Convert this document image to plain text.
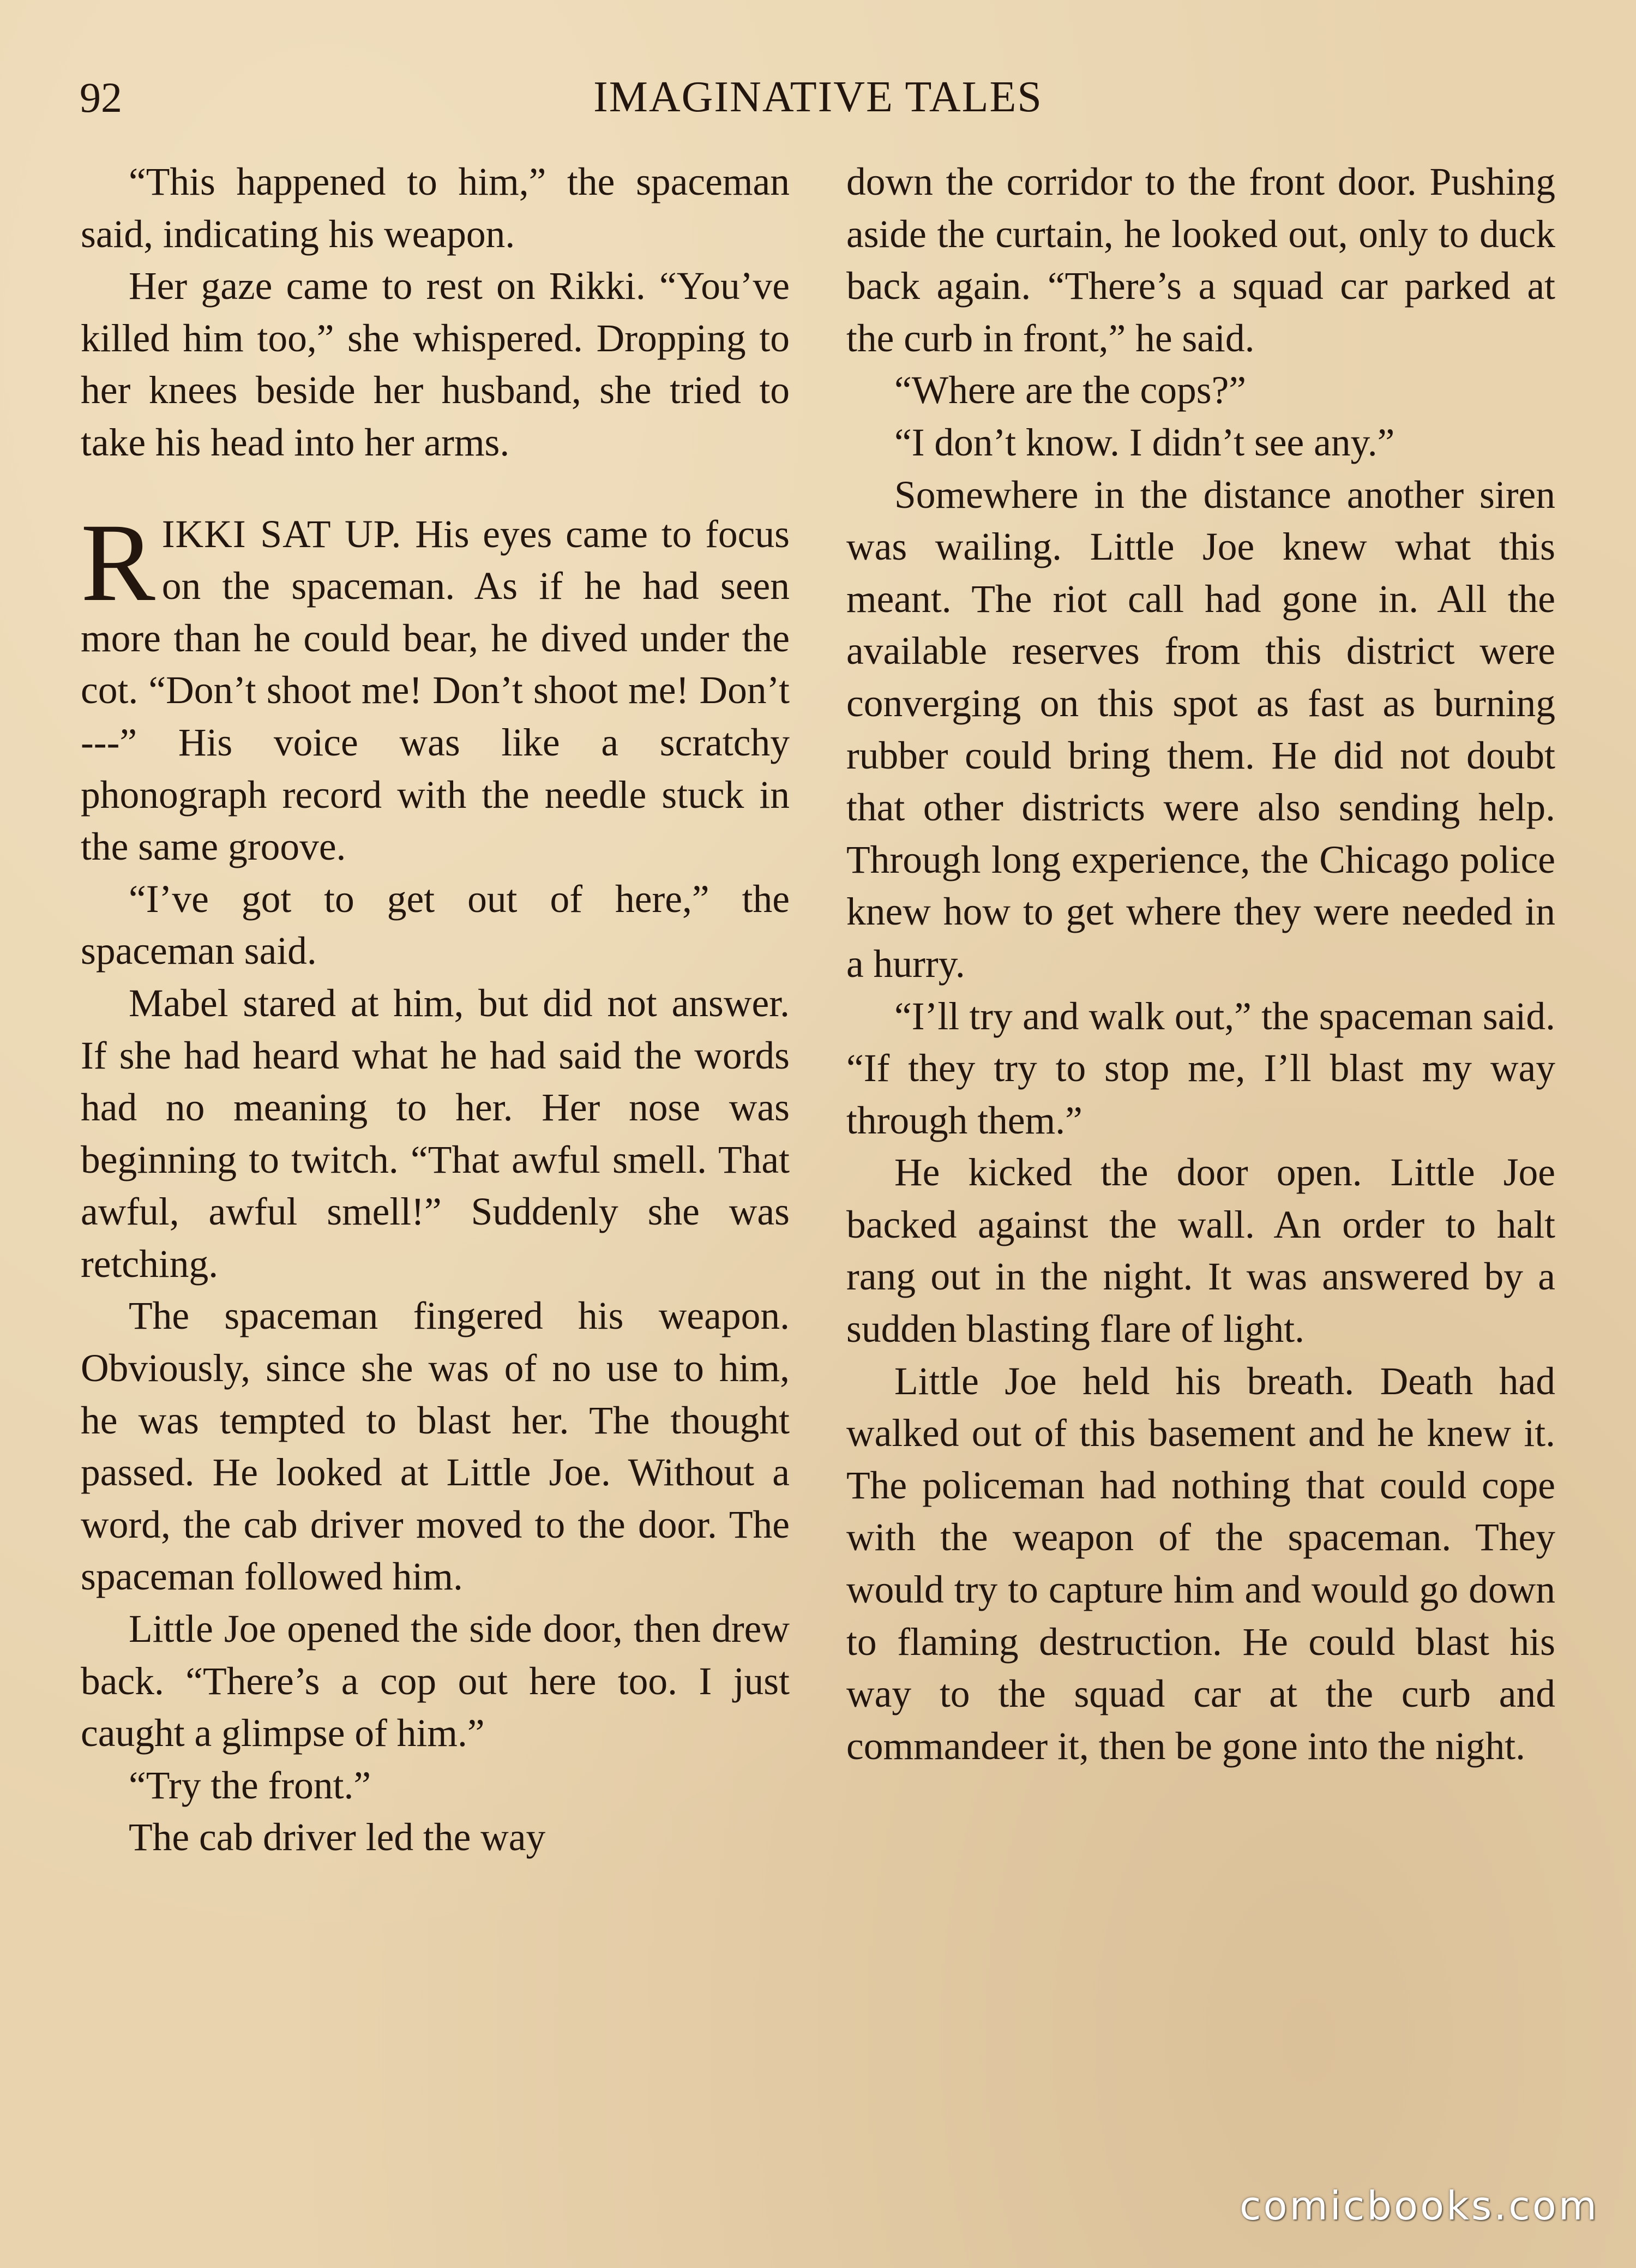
92	IMAGINATIVE TALES

“This happened to him,” the spaceman said, indicating his weapon.

Her gaze came to rest on Rikki. “You’ve killed him too,” she whispered. Dropping to her knees beside her husband, she tried to take his head into her arms.

RIKKI SAT UP. His eyes came to focus on the spaceman. As if he had seen more than he could bear, he dived under the cot. “Don’t shoot me! Don’t shoot me! Don’t ---” His voice was like a scratchy phonograph record with the needle stuck in the same groove.

“I’ve got to get out of here,” the spaceman said.

Mabel stared at him, but did not answer. If she had heard what he had said the words had no meaning to her. Her nose was beginning to twitch. “That awful smell. That awful, awful smell!” Suddenly she was retching.

The spaceman fingered his weapon. Obviously, since she was of no use to him, he was tempted to blast her. The thought passed. He looked at Little Joe. Without a word, the cab driver moved to the door. The spaceman followed him.

Little Joe opened the side door, then drew back. “There’s a cop out here too. I just caught a glimpse of him.”

“Try the front.”

The cab driver led the way

down the corridor to the front door. Pushing aside the curtain, he looked out, only to duck back again. “There’s a squad car parked at the curb in front,” he said.

“Where are the cops?”

“I don’t know. I didn’t see any.”

Somewhere in the distance another siren was wailing. Little Joe knew what this meant. The riot call had gone in. All the available reserves from this district were converging on this spot as fast as burning rubber could bring them. He did not doubt that other districts were also sending help. Through long experience, the Chicago police knew how to get where they were needed in a hurry.

“I’ll try and walk out,” the spaceman said. “If they try to stop me, I’ll blast my way through them.”

He kicked the door open. Little Joe backed against the wall. An order to halt rang out in the night. It was answered by a sudden blasting flare of light.

Little Joe held his breath. Death had walked out of this basement and he knew it. The policeman had nothing that could cope with the weapon of the spaceman. They would try to capture him and would go down to flaming destruction. He could blast his way to the squad car at the curb and commandeer it, then be gone into the night.

comicbooks.com
